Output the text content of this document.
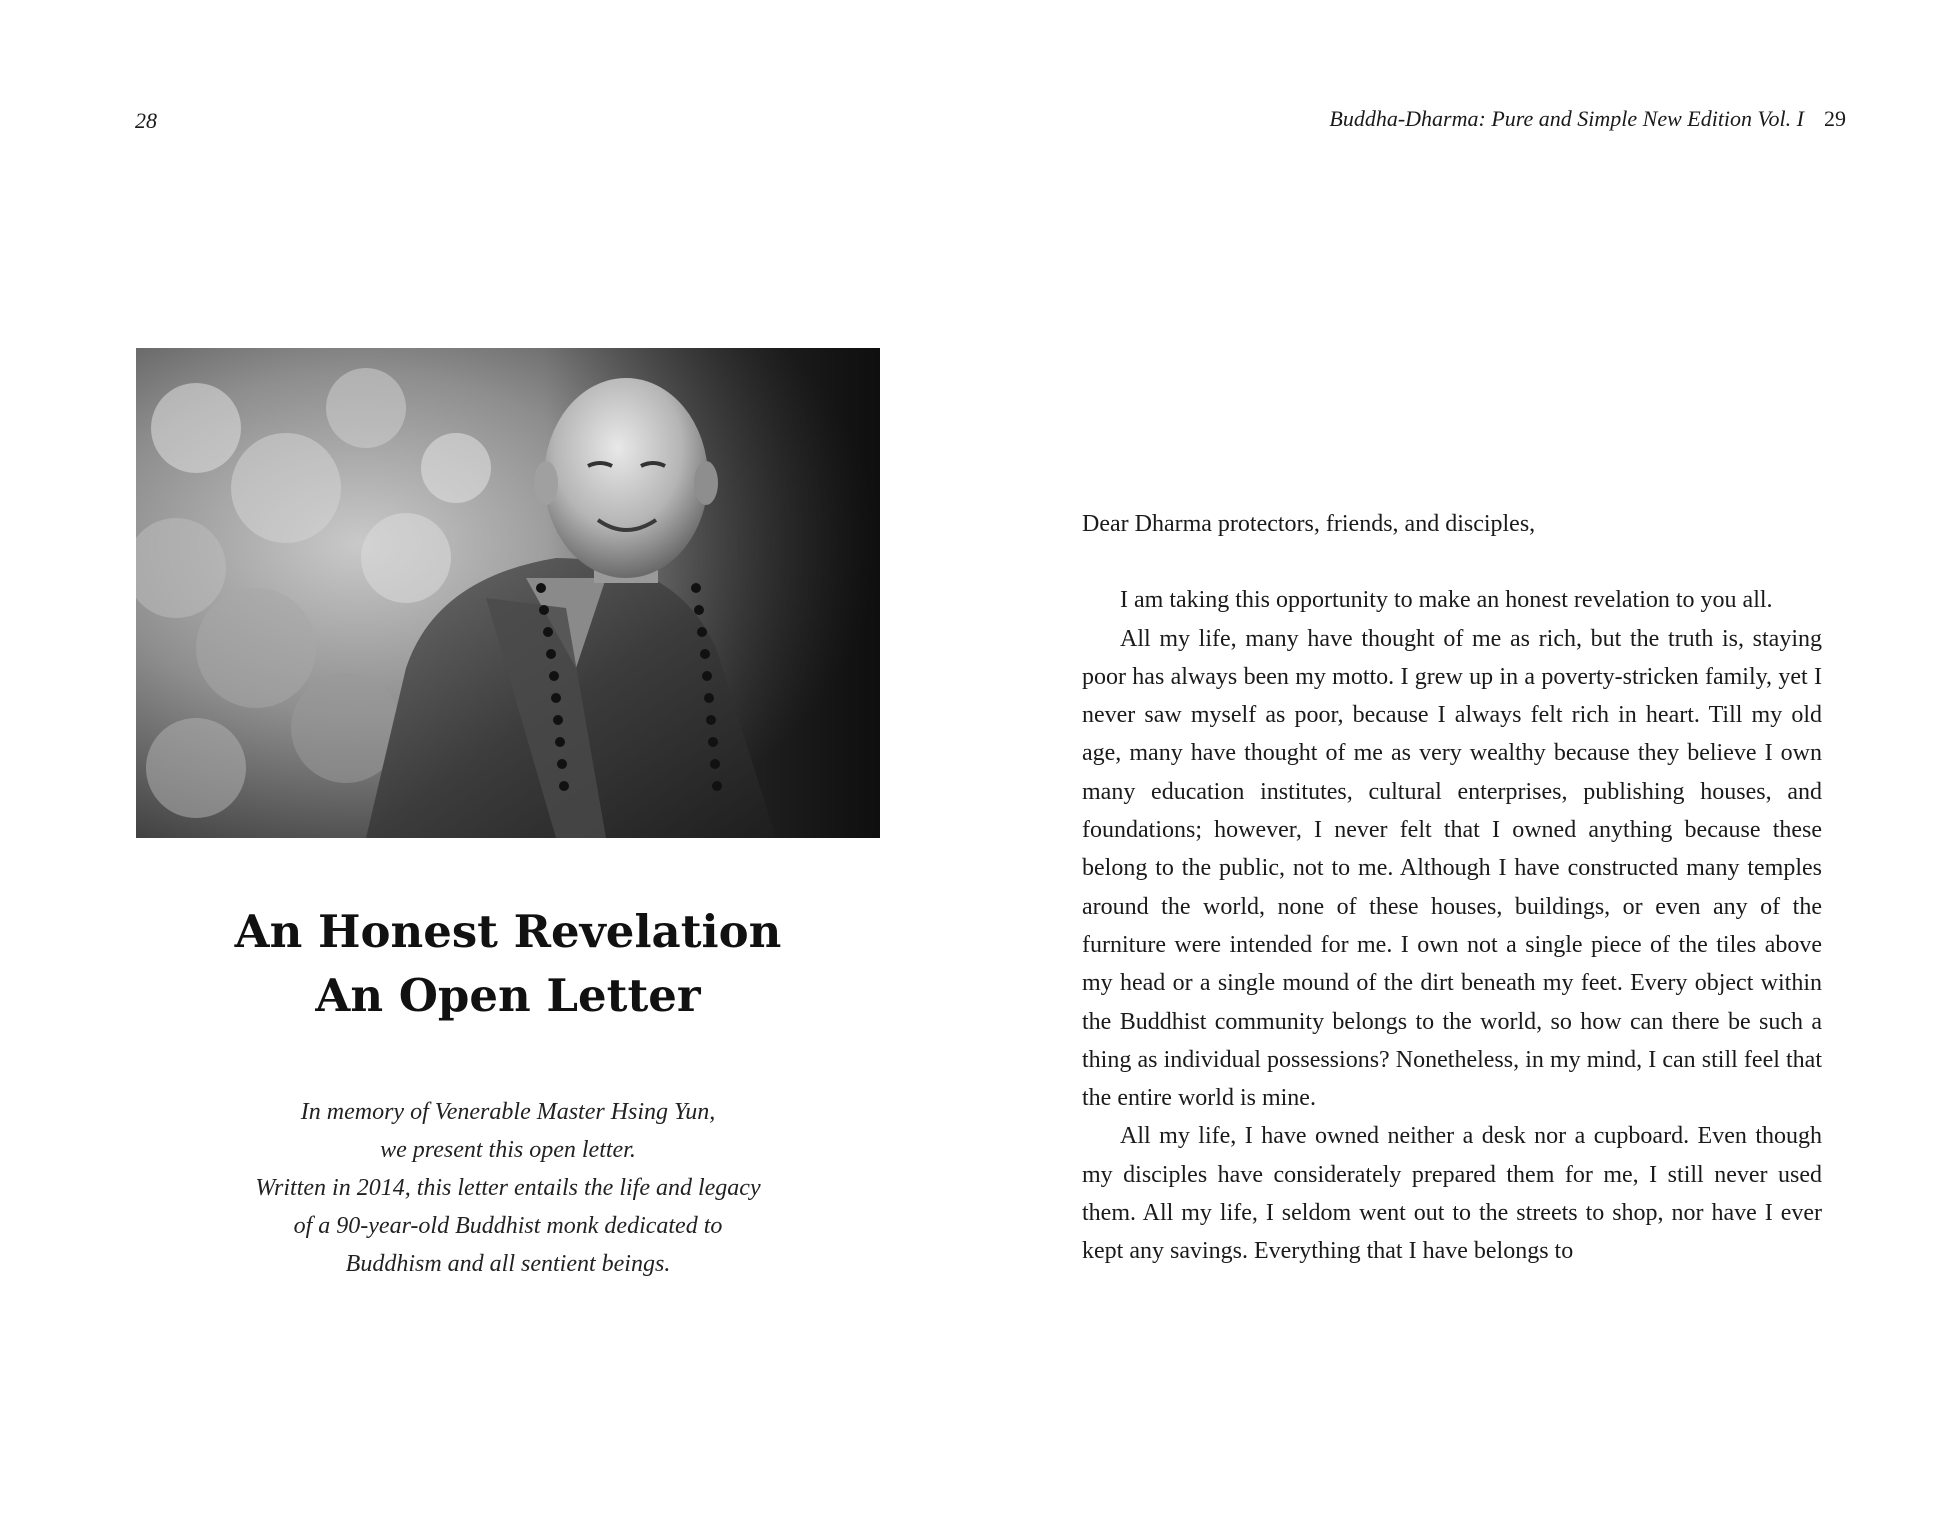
28
An Honest Revelation
An Open Letter
In memory of Venerable Master Hsing Yun,
we present this open letter.
Written in 2014, this letter entails the life and legacy
of a 90-year-old Buddhist monk dedicated to
Buddhism and all sentient beings.
Buddha-Dharma: Pure and Simple New Edition Vol. I 29
Dear Dharma protectors, friends, and disciples,

I am taking this opportunity to make an honest revelation to you all.

All my life, many have thought of me as rich, but the truth is, staying poor has always been my motto. I grew up in a poverty-stricken family, yet I never saw myself as poor, because I always felt rich in heart. Till my old age, many have thought of me as very wealthy because they believe I own many education institutes, cultural enterprises, publishing houses, and foundations; however, I never felt that I owned anything because these belong to the public, not to me. Although I have constructed many temples around the world, none of these houses, buildings, or even any of the furniture were intended for me. I own not a single piece of the tiles above my head or a single mound of the dirt beneath my feet. Every object within the Buddhist community belongs to the world, so how can there be such a thing as individual possessions? Nonetheless, in my mind, I can still feel that the entire world is mine.

All my life, I have owned neither a desk nor a cupboard. Even though my disciples have considerately prepared them for me, I still never used them. All my life, I seldom went out to the streets to shop, nor have I ever kept any savings. Everything that I have belongs to
